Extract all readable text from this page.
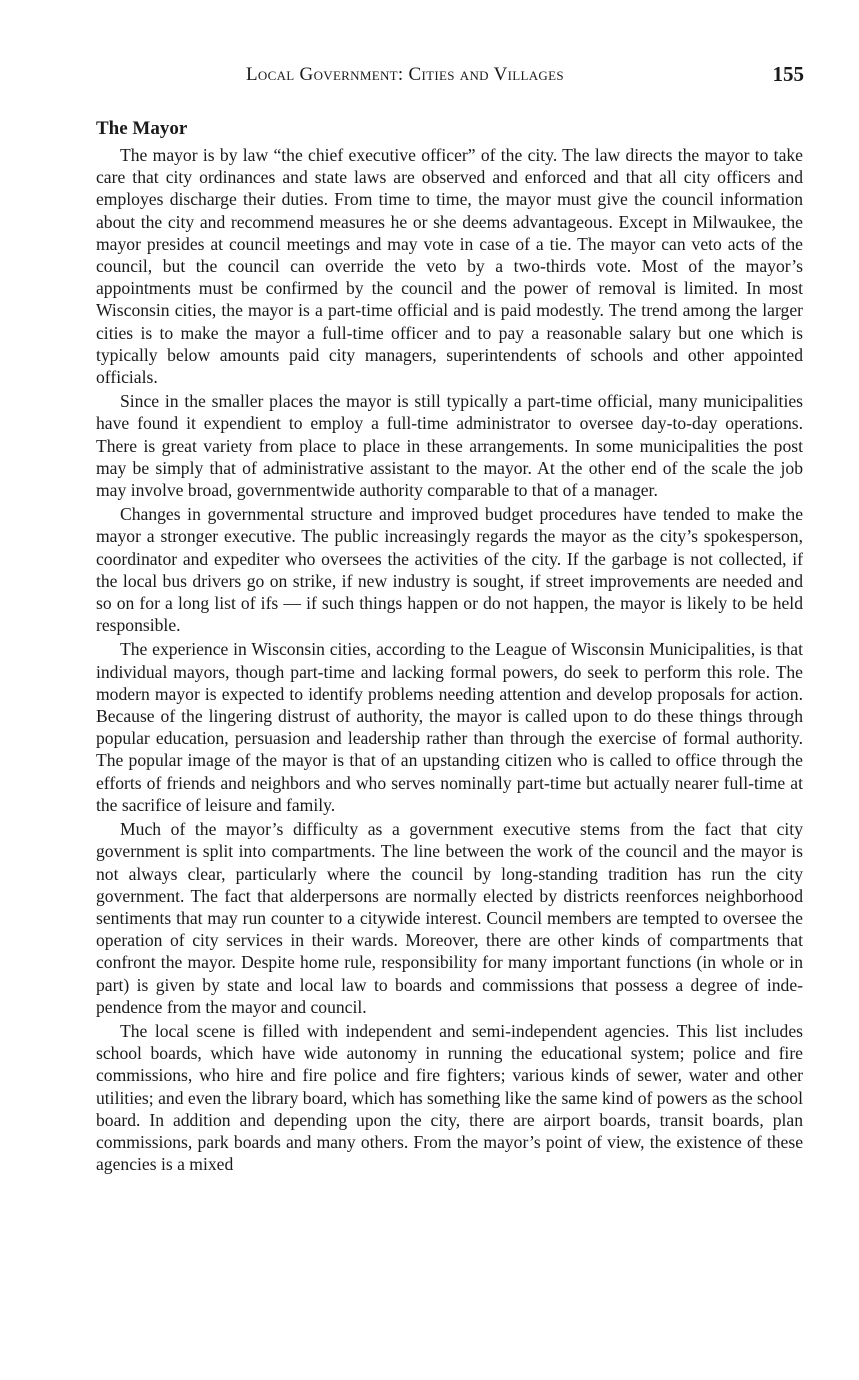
Local Government: Cities and Villages	155
The Mayor

The mayor is by law “the chief executive officer” of the city. The law directs the mayor to take care that city ordinances and state laws are observed and enforced and that all city officers and employes discharge their duties. From time to time, the mayor must give the council information about the city and recommend measures he or she deems advantageous. Except in Milwaukee, the mayor presides at council meetings and may vote in case of a tie. The mayor can veto acts of the council, but the council can override the veto by a two-thirds vote. Most of the mayor’s appointments must be confirmed by the council and the power of removal is limited. In most Wisconsin cities, the mayor is a part-time official and is paid modestly. The trend among the larger cities is to make the mayor a full-time officer and to pay a reasonable salary but one which is typically below amounts paid city managers, superintendents of schools and other appointed officials.

Since in the smaller places the mayor is still typically a part-time official, many municipalities have found it expendient to employ a full-time administrator to oversee day-to-day operations. There is great variety from place to place in these arrangements. In some municipalities the post may be simply that of administrative assistant to the mayor. At the other end of the scale the job may involve broad, governmentwide authority comparable to that of a manager.

Changes in governmental structure and improved budget procedures have tended to make the mayor a stronger executive. The public increasingly regards the mayor as the city’s spokesperson, coordinator and expediter who oversees the activities of the city. If the garbage is not collected, if the local bus drivers go on strike, if new industry is sought, if street improvements are needed and so on for a long list of ifs — if such things happen or do not happen, the mayor is likely to be held responsible.

The experience in Wisconsin cities, according to the League of Wisconsin Municipalities, is that individual mayors, though part-time and lacking formal powers, do seek to perform this role. The modern mayor is expected to identify problems needing attention and develop proposals for action. Because of the lingering distrust of authority, the mayor is called upon to do these things through popular education, persuasion and leadership rather than through the exercise of formal authority. The popular image of the mayor is that of an upstanding citizen who is called to office through the efforts of friends and neighbors and who serves nominally part-time but actually nearer full-time at the sacrifice of leisure and family.

Much of the mayor’s difficulty as a government executive stems from the fact that city government is split into compartments. The line between the work of the council and the mayor is not always clear, particularly where the council by long-standing tradition has run the city government. The fact that alderpersons are normally elected by districts reenforces neighborhood sentiments that may run counter to a citywide interest. Council members are tempted to oversee the operation of city services in their wards. Moreover, there are other kinds of compartments that confront the mayor. Despite home rule, responsibility for many important functions (in whole or in part) is given by state and local law to boards and commissions that possess a degree of independence from the mayor and council.

The local scene is filled with independent and semi-independent agencies. This list includes school boards, which have wide autonomy in running the educational system; police and fire commissions, who hire and fire police and fire fighters; various kinds of sewer, water and other utilities; and even the library board, which has something like the same kind of powers as the school board. In addition and depending upon the city, there are airport boards, transit boards, plan commissions, park boards and many others. From the mayor’s point of view, the existence of these agencies is a mixed
